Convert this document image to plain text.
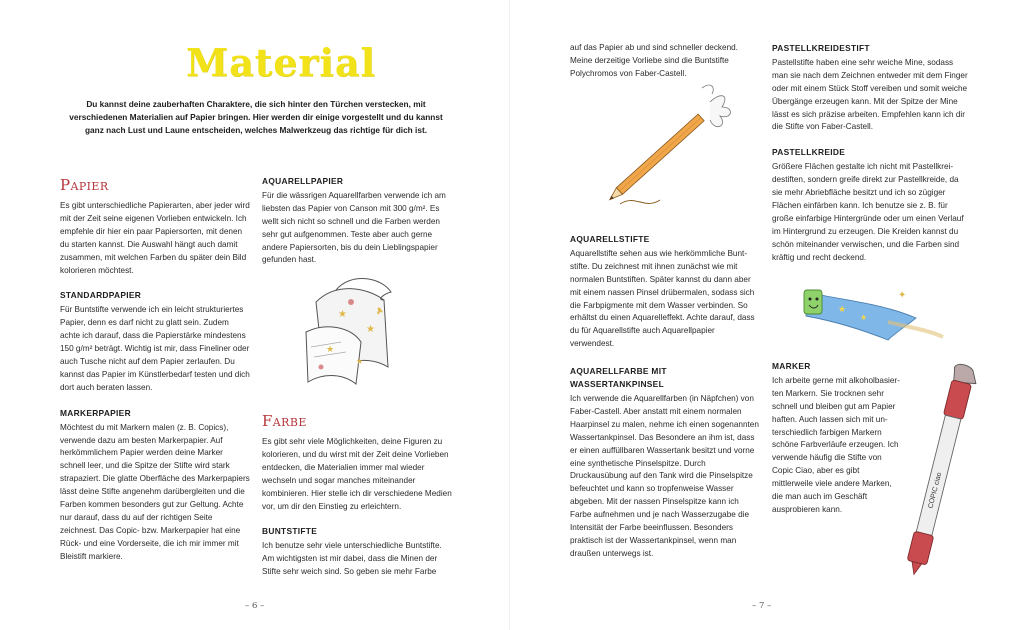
Material
Du kannst deine zauberhaften Charaktere, die sich hinter den Türchen verstecken, mit verschiedenen Materialien auf Papier bringen. Hier werden dir einige vorgestellt und du kannst ganz nach Lust und Laune entscheiden, welches Malwerkzeug das richtige für dich ist.
Papier

Es gibt unterschiedliche Papierarten, aber jeder wird mit der Zeit seine eigenen Vorlieben entwickeln. Ich empfehle dir hier ein paar Papiersorten, mit denen du starten kannst. Die Auswahl hängt auch damit zusammen, mit welchen Farben du später dein Bild kolorieren möchtest.

STANDARDPAPIER

Für Buntstifte verwende ich ein leicht strukturiertes Papier, denn es darf nicht zu glatt sein. Zudem achte ich darauf, dass die Papierstärke mindestens 150 g/m² beträgt. Wichtig ist mir, dass Fineliner oder auch Tusche nicht auf dem Papier zerlaufen. Du kannst das Papier im Künstlerbedarf testen und dich dort auch beraten lassen.

MARKERPAPIER

Möchtest du mit Markern malen (z. B. Copics), verwende dazu am besten Markerpapier. Auf herkömmlichem Papier werden deine Marker schnell leer, und die Spitze der Stifte wird stark strapaziert. Die glatte Oberfläche des Markerpapiers lässt deine Stifte angenehm darübergleiten und die Farben kommen besonders gut zur Geltung. Achte nur darauf, dass du auf der richtigen Seite zeichnest. Das Copic- bzw. Markerpapier hat eine Rück- und eine Vorderseite, die ich mir immer mit Bleistift markiere.

AQUARELLPAPIER

Für die wässrigen Aquarellfarben verwende ich am liebsten das Papier von Canson mit 300 g/m². Es wellt sich nicht so schnell und die Farben werden sehr gut aufgenommen. Teste aber auch gerne andere Papiersorten, bis du dein Lieblingspapier gefunden hast.

★
★
★
★
Farbe

Es gibt sehr viele Möglichkeiten, deine Figuren zu kolorieren, und du wirst mit der Zeit deine Vorlieben entdecken, die Materialien immer mal wieder wechseln und sogar manches miteinander kombinieren. Hier stelle ich dir verschiedene Medien vor, um dir den Einstieg zu erleichtern.

BUNTSTIFTE

Ich benutze sehr viele unterschiedliche Buntstifte. Am wichtigsten ist mir dabei, dass die Minen der Stifte sehr weich sind. So geben sie mehr Farbe

– 6 –

auf das Papier ab und sind schneller deckend. Meine derzeitige Vorliebe sind die Buntstifte Polychromos von Faber-Castell.

AQUARELLSTIFTE

Aquarellstifte sehen aus wie herkömmliche Buntstifte. Du zeichnest mit ihnen zunächst wie mit normalen Buntstiften. Später kannst du dann aber mit einem nassen Pinsel drübermalen, sodass sich die Farbpigmente mit dem Wasser verbinden. So erhältst du einen Aquarelleffekt. Achte darauf, dass du für Aquarellstifte auch Aquarellpapier verwendest.

AQUARELLFARBE MIT WASSERTANKPINSEL

Ich verwende die Aquarellfarben (in Näpfchen) von Faber-Castell. Aber anstatt mit einem normalen Haarpinsel zu malen, nehme ich einen sogenannten Wassertankpinsel. Das Besondere an ihm ist, dass er einen auffüllbaren Wassertank besitzt und vorne eine synthetische Pinselspitze. Durch Druckausübung auf den Tank wird die Pinselspitze befeuchtet und kann so tropfenweise Wasser abgeben. Mit der nassen Pinselspitze kann ich Farbe aufnehmen und je nach Wasserzugabe die Intensität der Farbe beeinflussen. Besonders praktisch ist der Wassertankpinsel, wenn man draußen unterwegs ist.

PASTELLKREIDESTIFT

Pastellstifte haben eine sehr weiche Mine, sodass man sie nach dem Zeichnen entweder mit dem Finger oder mit einem Stück Stoff vereiben und somit weiche Übergänge erzeugen kann. Mit der Spitze der Mine lässt es sich präzise arbeiten. Empfehlen kann ich dir die Stifte von Faber-Castell.

PASTELLKREIDE

Größere Flächen gestalte ich nicht mit Pastellkreidestiften, sondern greife direkt zur Pastellkreide, da sie mehr Abriebfläche besitzt und ich so zügiger Flächen einfärben kann. Ich benutze sie z. B. für große einfarbige Hintergründe oder um einen Verlauf im Hintergrund zu erzeugen. Die Kreiden kannst du schön miteinander verwischen, und die Farben sind kräftig und recht deckend.

★
★
✦
MARKER

Ich arbeite gerne mit alkoholbasierten Markern. Sie trocknen sehr schnell und bleiben gut am Papier haften. Auch lassen sich mit unterschiedlich farbigen Markern schöne Farbverläufe erzeugen. Ich verwende häufig die Stifte von Copic Ciao, aber es gibt mittlerweile viele andere Marken, die man auch im Geschäft ausprobieren kann.

COPIC ciao
– 7 –
